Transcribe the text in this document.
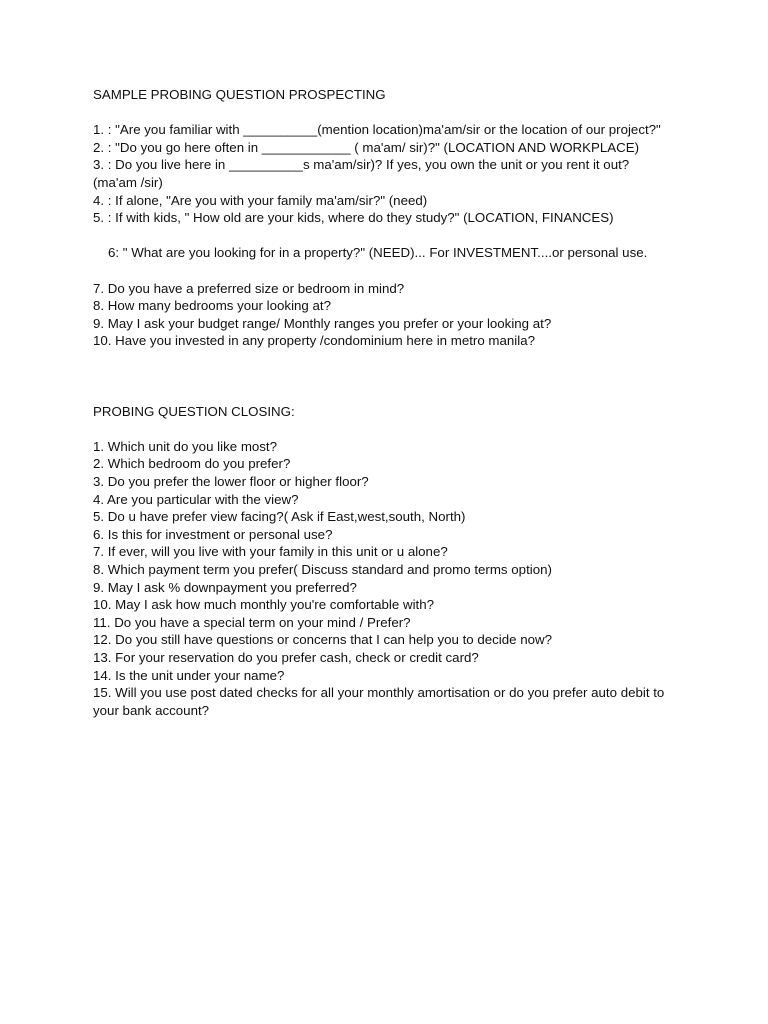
SAMPLE PROBING QUESTION PROSPECTING

1. : "Are you familiar with __________(mention location)ma'am/sir or the location of our project?"

2. : "Do you go here often in ____________ ( ma'am/ sir)?" (LOCATION AND WORKPLACE)

3. : Do you live here in __________s ma'am/sir)? If yes, you own the unit or you rent it out? (ma'am /sir)

4. : If alone, "Are you with your family ma'am/sir?" (need)

5. : If with kids, " How old are your kids, where do they study?" (LOCATION, FINANCES)

6: " What are you looking for in a property?" (NEED)... For INVESTMENT....or personal use.

7. Do you have a preferred size or bedroom in mind?

8. How many bedrooms your looking at?

9. May I ask your budget range/ Monthly ranges you prefer or your looking at?

10. Have you invested in any property /condominium here in metro manila?

PROBING QUESTION CLOSING:

1. Which unit do you like most?

2. Which bedroom do you prefer?

3. Do you prefer the lower floor or higher floor?

4. Are you particular with the view?

5. Do u have prefer view facing?( Ask if East,west,south, North)

6. Is this for investment or personal use?

7. If ever, will you live with your family in this unit or u alone?

8. Which payment term you prefer( Discuss standard and promo terms option)

9. May I ask % downpayment you preferred?

10. May I ask how much monthly you're comfortable with?

11. Do you have a special term on your mind / Prefer?

12. Do you still have questions or concerns that I can help you to decide now?

13. For your reservation do you prefer cash, check or credit card?

14. Is the unit under your name?

15. Will you use post dated checks for all your monthly amortisation or do you prefer auto debit to your bank account?
